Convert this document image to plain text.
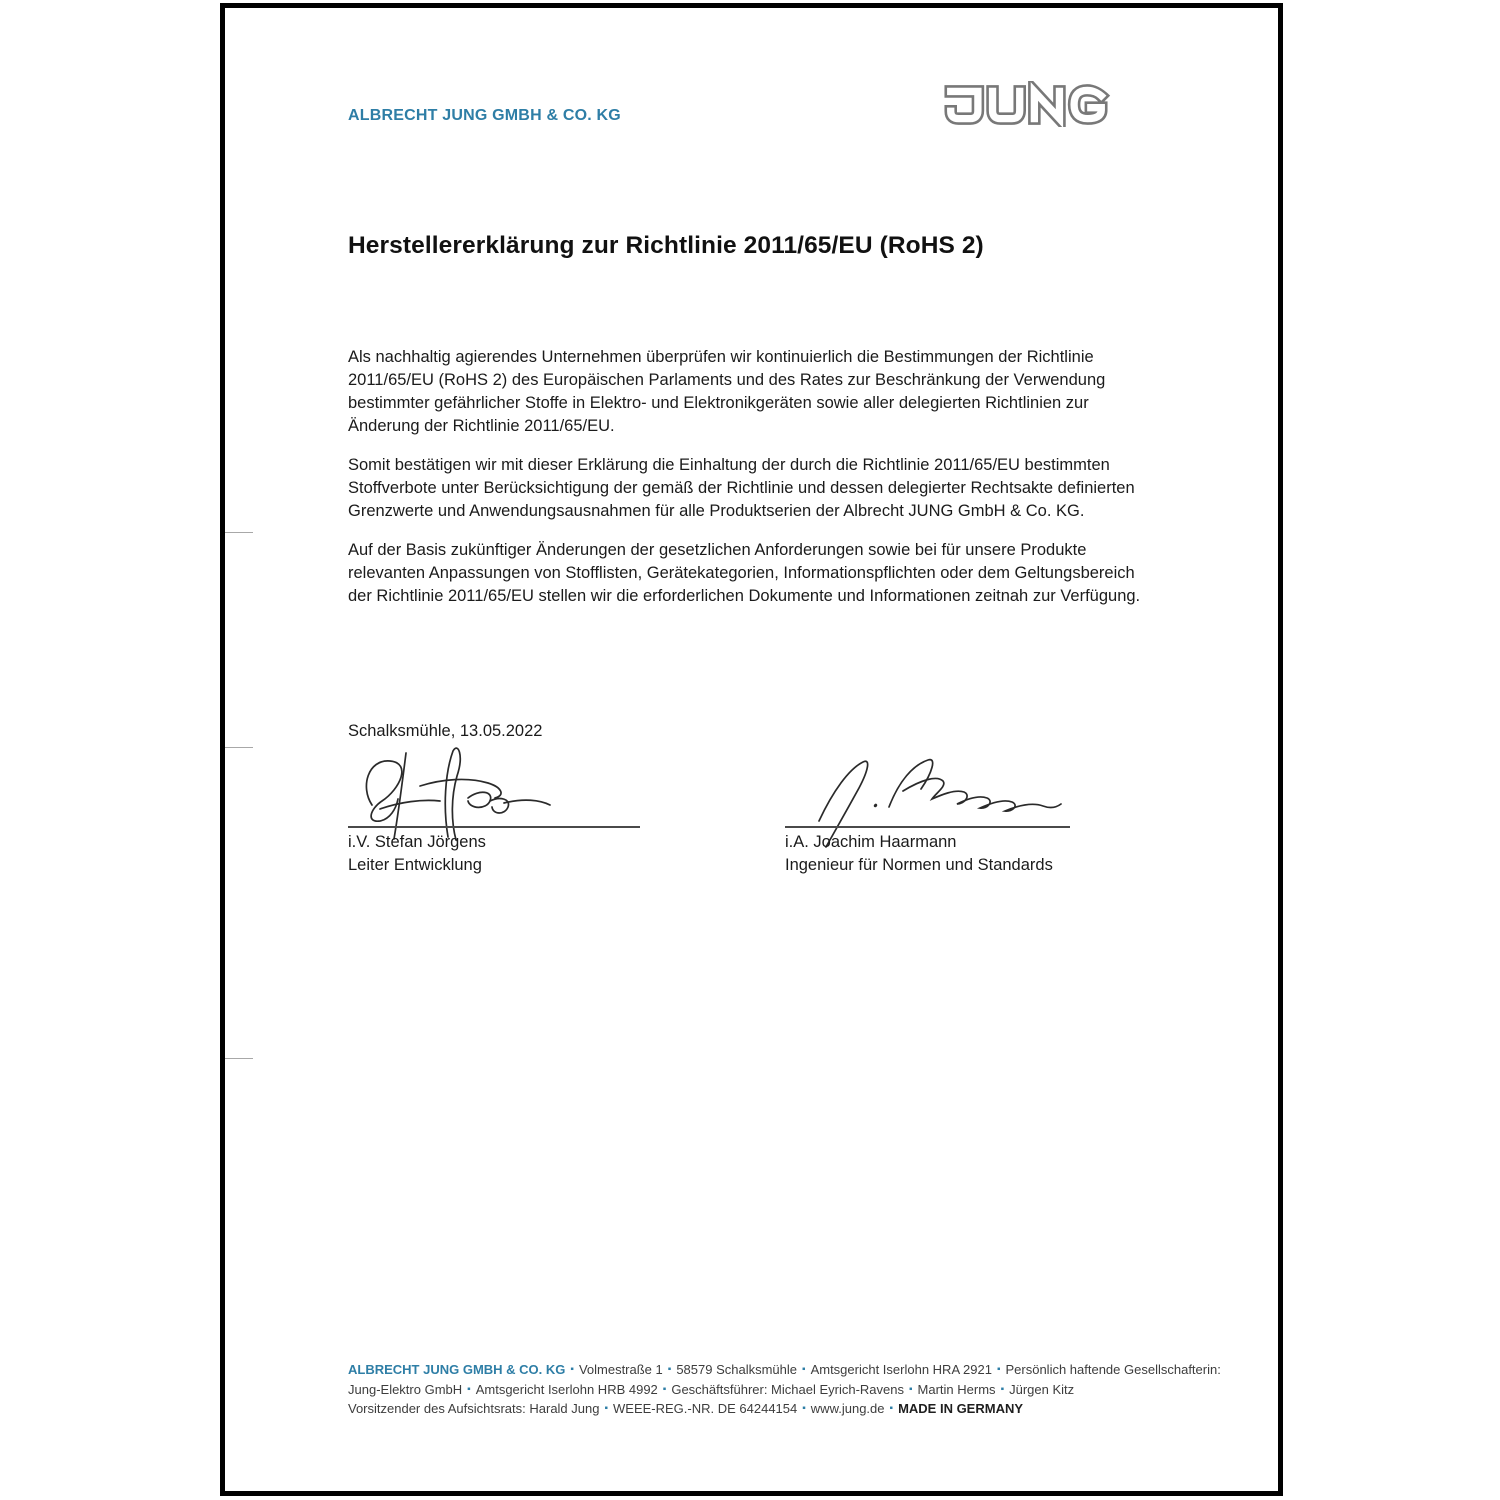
ALBRECHT JUNG GMBH & CO. KG
Herstellererklärung zur Richtlinie 2011/65/EU (RoHS 2)

Als nachhaltig agierendes Unternehmen überprüfen wir kontinuierlich die Bestimmungen der Richtlinie 2011/65/EU (RoHS 2) des Europäischen Parlaments und des Rates zur Beschränkung der Verwendung bestimmter gefährlicher Stoffe in Elektro- und Elektronikgeräten sowie aller delegierten Richtlinien zur Änderung der Richtlinie 2011/65/EU.

Somit bestätigen wir mit dieser Erklärung die Einhaltung der durch die Richtlinie 2011/65/EU bestimmten Stoffverbote unter Berücksichtigung der gemäß der Richtlinie und dessen delegierter Rechtsakte definierten Grenzwerte und Anwendungsausnahmen für alle Produktserien der Albrecht JUNG GmbH & Co. KG.

Auf der Basis zukünftiger Änderungen der gesetzlichen Anforderungen sowie bei für unsere Produkte relevanten Anpassungen von Stofflisten, Gerätekategorien, Informationspflichten oder dem Geltungsbereich der Richtlinie 2011/65/EU stellen wir die erforderlichen Dokumente und Informationen zeitnah zur Verfügung.

Schalksmühle, 13.05.2022
i.V. Stefan Jörgens
Leiter Entwicklung
i.A. Joachim Haarmann
Ingenieur für Normen und Standards
ALBRECHT JUNG GMBH & CO. KG ▪ Volmestraße 1 ▪ 58579 Schalksmühle ▪ Amtsgericht Iserlohn HRA 2921 ▪ Persönlich haftende Gesellschafterin:
Jung-Elektro GmbH ▪ Amtsgericht Iserlohn HRB 4992 ▪ Geschäftsführer: Michael Eyrich-Ravens ▪ Martin Herms ▪ Jürgen Kitz
Vorsitzender des Aufsichtsrats: Harald Jung ▪ WEEE-REG.-NR. DE 64244154 ▪ www.jung.de ▪ MADE IN GERMANY
